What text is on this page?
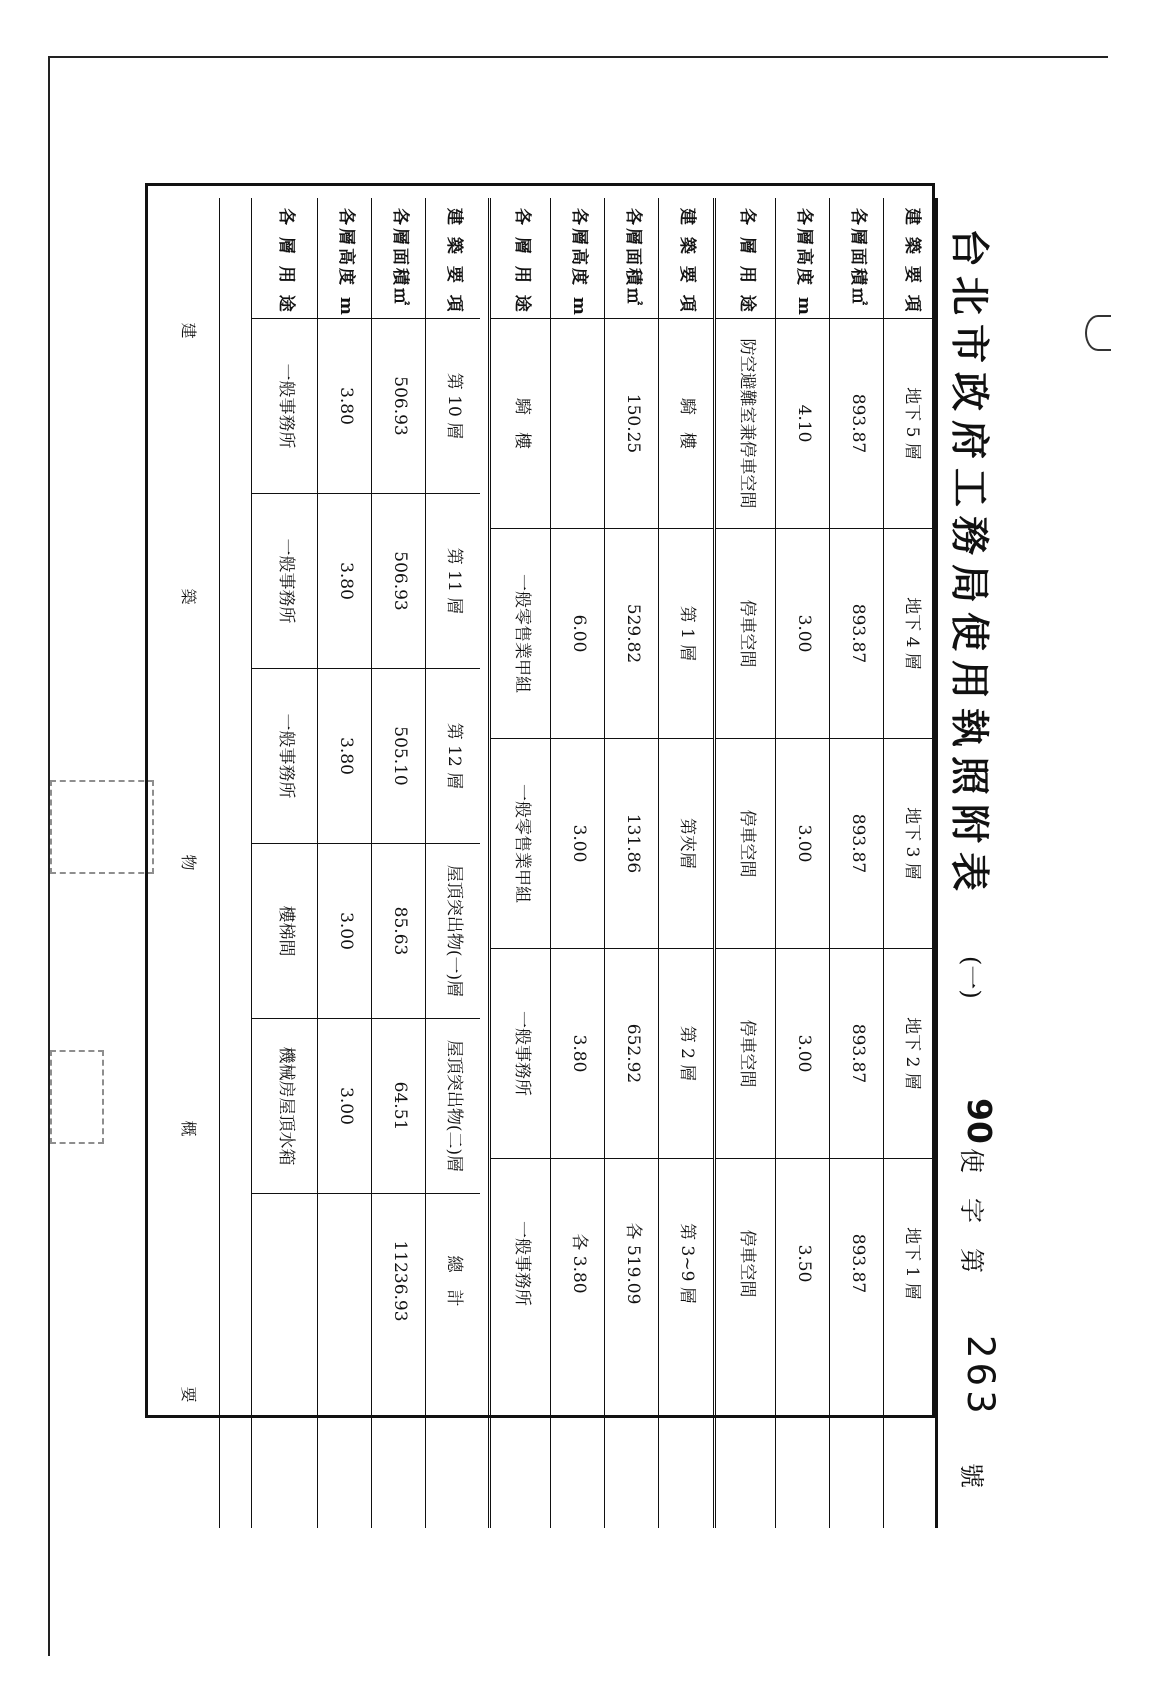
台北市政府工務局使用執照附表
(一)
90
使
字
第
263
號
建 築 要 項
地下 5 層
地下 4 層
地下 3 層
地下 2 層
地下 1 層
各層面積㎡
893.87
893.87
893.87
893.87
893.87
各層高度 m
4.10
3.00
3.00
3.00
3.50
各 層 用 途
防空避難室兼停車空間
停車空間
停車空間
停車空間
停車空間
建 築 要 項
騎　樓
第 1 層
第夾層
第 2 層
第 3~9 層
各層面積㎡
150.25
529.82
131.86
652.92
各 519.09
各層高度 m
6.00
3.00
3.80
各 3.80
各 層 用 途
騎　樓
一般零售業甲組
一般零售業甲組
一般事務所
一般事務所
建 築 要 項
第 10 層
第 11 層
第 12 層
屋頂突出物(一)層
屋頂突出物(二)層
總　計
各層面積㎡
506.93
506.93
505.10
85.63
64.51
11236.93
各層高度 m
3.80
3.80
3.80
3.00
3.00
各 層 用 途
一般事務所
一般事務所
一般事務所
樓梯間
機械房屋頂水箱
建
築
物
概
要
